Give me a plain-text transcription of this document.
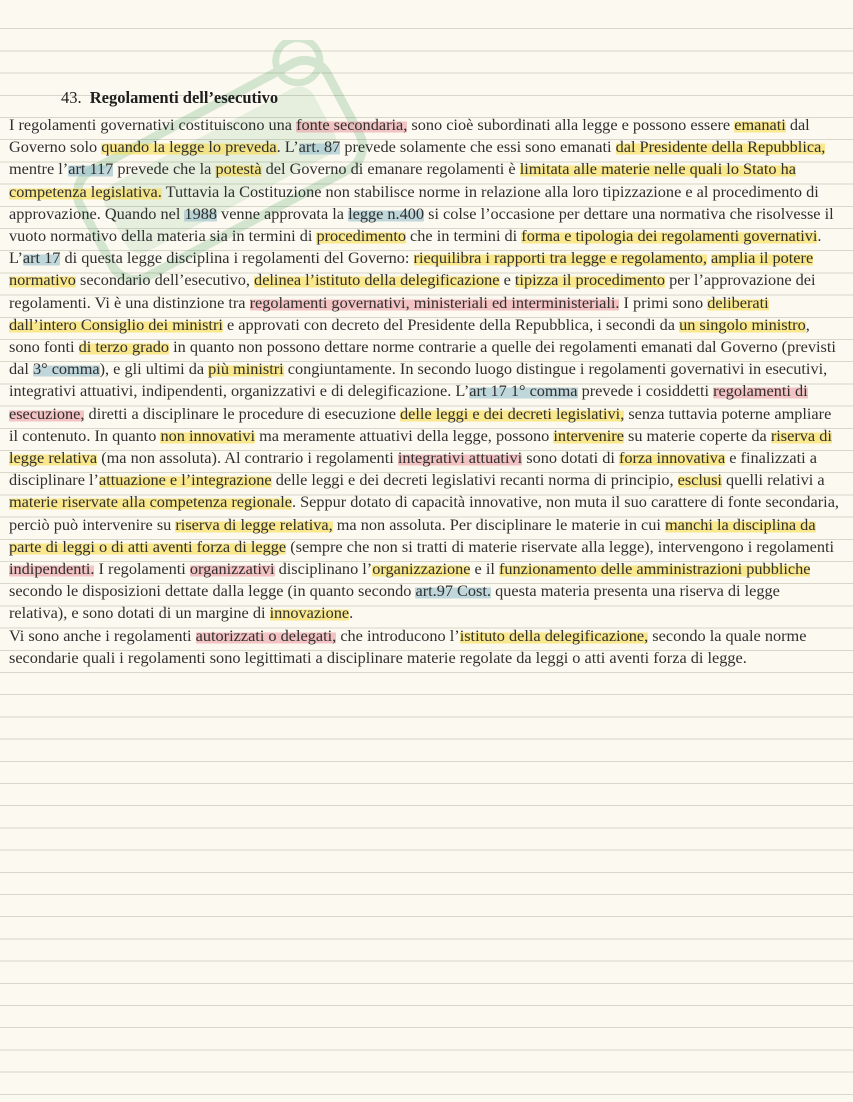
43. Regolamenti dell’esecutivo

I regolamenti governativi costituiscono una fonte secondaria, sono cioè subordinati alla legge e possono essere emanati dal Governo solo quando la legge lo preveda. L’art. 87 prevede solamente che essi sono emanati dal Presidente della Repubblica, mentre l’art 117 prevede che la potestà del Governo di emanare regolamenti è limitata alle materie nelle quali lo Stato ha competenza legislativa. Tuttavia la Costituzione non stabilisce norme in relazione alla loro tipizzazione e al procedimento di approvazione. Quando nel 1988 venne approvata la legge n.400 si colse l’occasione per dettare una normativa che risolvesse il vuoto normativo della materia sia in termini di procedimento che in termini di forma e tipologia dei regolamenti governativi. L’art 17 di questa legge disciplina i regolamenti del Governo: riequilibra i rapporti tra legge e regolamento, amplia il potere normativo secondario dell’esecutivo, delinea l’istituto della delegificazione e tipizza il procedimento per l’approvazione dei regolamenti. Vi è una distinzione tra regolamenti governativi, ministeriali ed interministeriali. I primi sono deliberati dall’intero Consiglio dei ministri e approvati con decreto del Presidente della Repubblica, i secondi da un singolo ministro, sono fonti di terzo grado in quanto non possono dettare norme contrarie a quelle dei regolamenti emanati dal Governo (previsti dal 3° comma), e gli ultimi da più ministri congiuntamente. In secondo luogo distingue i regolamenti governativi in esecutivi, integrativi attuativi, indipendenti, organizzativi e di delegificazione. L’art 17 1° comma prevede i cosiddetti regolamenti di esecuzione, diretti a disciplinare le procedure di esecuzione delle leggi e dei decreti legislativi, senza tuttavia poterne ampliare il contenuto. In quanto non innovativi ma meramente attuativi della legge, possono intervenire su materie coperte da riserva di legge relativa (ma non assoluta). Al contrario i regolamenti integrativi attuativi sono dotati di forza innovativa e finalizzati a disciplinare l’attuazione e l’integrazione delle leggi e dei decreti legislativi recanti norma di principio, esclusi quelli relativi a materie riservate alla competenza regionale. Seppur dotato di capacità innovative, non muta il suo carattere di fonte secondaria, perciò può intervenire su riserva di legge relativa, ma non assoluta. Per disciplinare le materie in cui manchi la disciplina da parte di leggi o di atti aventi forza di legge (sempre che non si tratti di materie riservate alla legge), intervengono i regolamenti indipendenti. I regolamenti organizzativi disciplinano l’organizzazione e il funzionamento delle amministrazioni pubbliche secondo le disposizioni dettate dalla legge (in quanto secondo art.97 Cost. questa materia presenta una riserva di legge relativa), e sono dotati di un margine di innovazione.

Vi sono anche i regolamenti autorizzati o delegati, che introducono l’istituto della delegificazione, secondo la quale norme secondarie quali i regolamenti sono legittimati a disciplinare materie regolate da leggi o atti aventi forza di legge.
